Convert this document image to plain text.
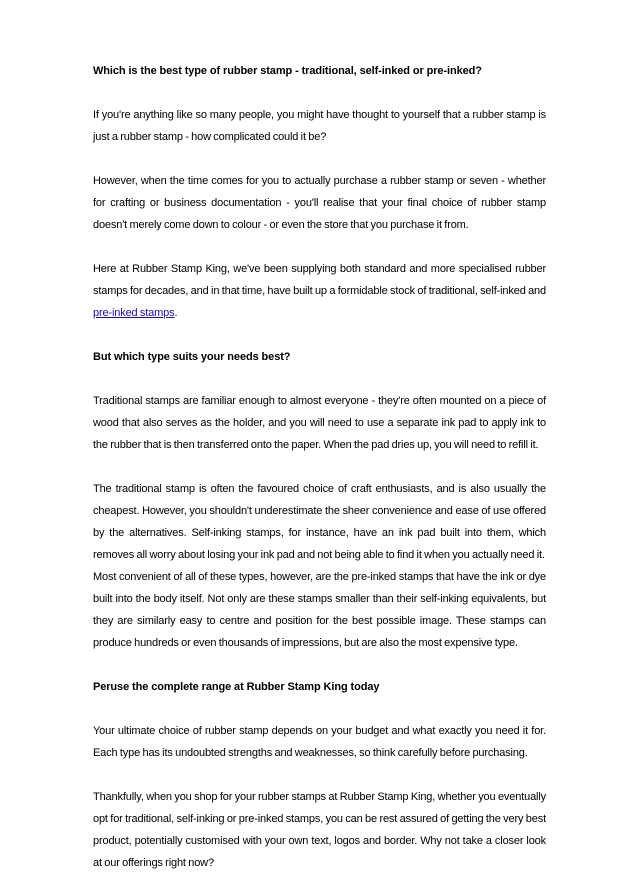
Which is the best type of rubber stamp - traditional, self-inked or pre-inked?

If you're anything like so many people, you might have thought to yourself that a rubber stamp is just a rubber stamp - how complicated could it be?

However, when the time comes for you to actually purchase a rubber stamp or seven - whether for crafting or business documentation - you'll realise that your final choice of rubber stamp doesn't merely come down to colour - or even the store that you purchase it from.

Here at Rubber Stamp King, we've been supplying both standard and more specialised rubber stamps for decades, and in that time, have built up a formidable stock of traditional, self-inked and pre-inked stamps.

But which type suits your needs best?

Traditional stamps are familiar enough to almost everyone - they're often mounted on a piece of wood that also serves as the holder, and you will need to use a separate ink pad to apply ink to the rubber that is then transferred onto the paper. When the pad dries up, you will need to refill it.

The traditional stamp is often the favoured choice of craft enthusiasts, and is also usually the cheapest. However, you shouldn't underestimate the sheer convenience and ease of use offered by the alternatives. Self-inking stamps, for instance, have an ink pad built into them, which removes all worry about losing your ink pad and not being able to find it when you actually need it.

Most convenient of all of these types, however, are the pre-inked stamps that have the ink or dye built into the body itself. Not only are these stamps smaller than their self-inking equivalents, but they are similarly easy to centre and position for the best possible image. These stamps can produce hundreds or even thousands of impressions, but are also the most expensive type.

Peruse the complete range at Rubber Stamp King today

Your ultimate choice of rubber stamp depends on your budget and what exactly you need it for. Each type has its undoubted strengths and weaknesses, so think carefully before purchasing.

Thankfully, when you shop for your rubber stamps at Rubber Stamp King, whether you eventually opt for traditional, self-inking or pre-inked stamps, you can be rest assured of getting the very best product, potentially customised with your own text, logos and border. Why not take a closer look at our offerings right now?
